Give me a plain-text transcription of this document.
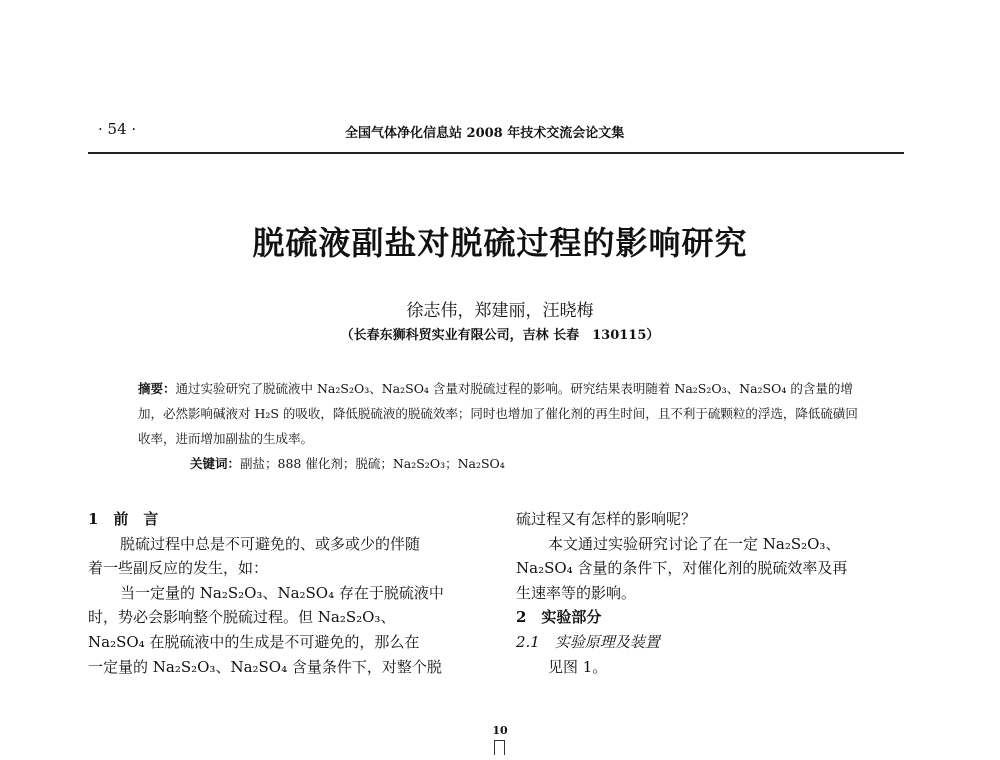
· 54 ·	全国气体净化信息站 2008 年技术交流会论文集
脱硫液副盐对脱硫过程的影响研究
徐志伟，郑建丽，汪晓梅
（长春东狮科贸实业有限公司，吉林 长春　130115）

摘要：通过实验研究了脱硫液中 Na₂S₂O₃、Na₂SO₄ 含量对脱硫过程的影响。研究结果表明随着 Na₂S₂O₃、Na₂SO₄ 的含量的增加，必然影响碱液对 H₂S 的吸收，降低脱硫液的脱硫效率；同时也增加了催化剂的再生时间，且不利于硫颗粒的浮选，降低硫磺回收率，进而增加副盐的生成率。

关键词：副盐；888 催化剂；脱硫；Na₂S₂O₃；Na₂SO₄

1　前　言

脱硫过程中总是不可避免的、或多或少的伴随

着一些副反应的发生，如：

当一定量的 Na₂S₂O₃、Na₂SO₄ 存在于脱硫液中

时，势必会影响整个脱硫过程。但 Na₂S₂O₃、

Na₂SO₄ 在脱硫液中的生成是不可避免的，那么在

一定量的 Na₂S₂O₃、Na₂SO₄ 含量条件下，对整个脱

硫过程又有怎样的影响呢？

本文通过实验研究讨论了在一定 Na₂S₂O₃、

Na₂SO₄ 含量的条件下，对催化剂的脱硫效率及再

生速率等的影响。

2　实验部分

2.1　实验原理及装置

见图 1。

10
